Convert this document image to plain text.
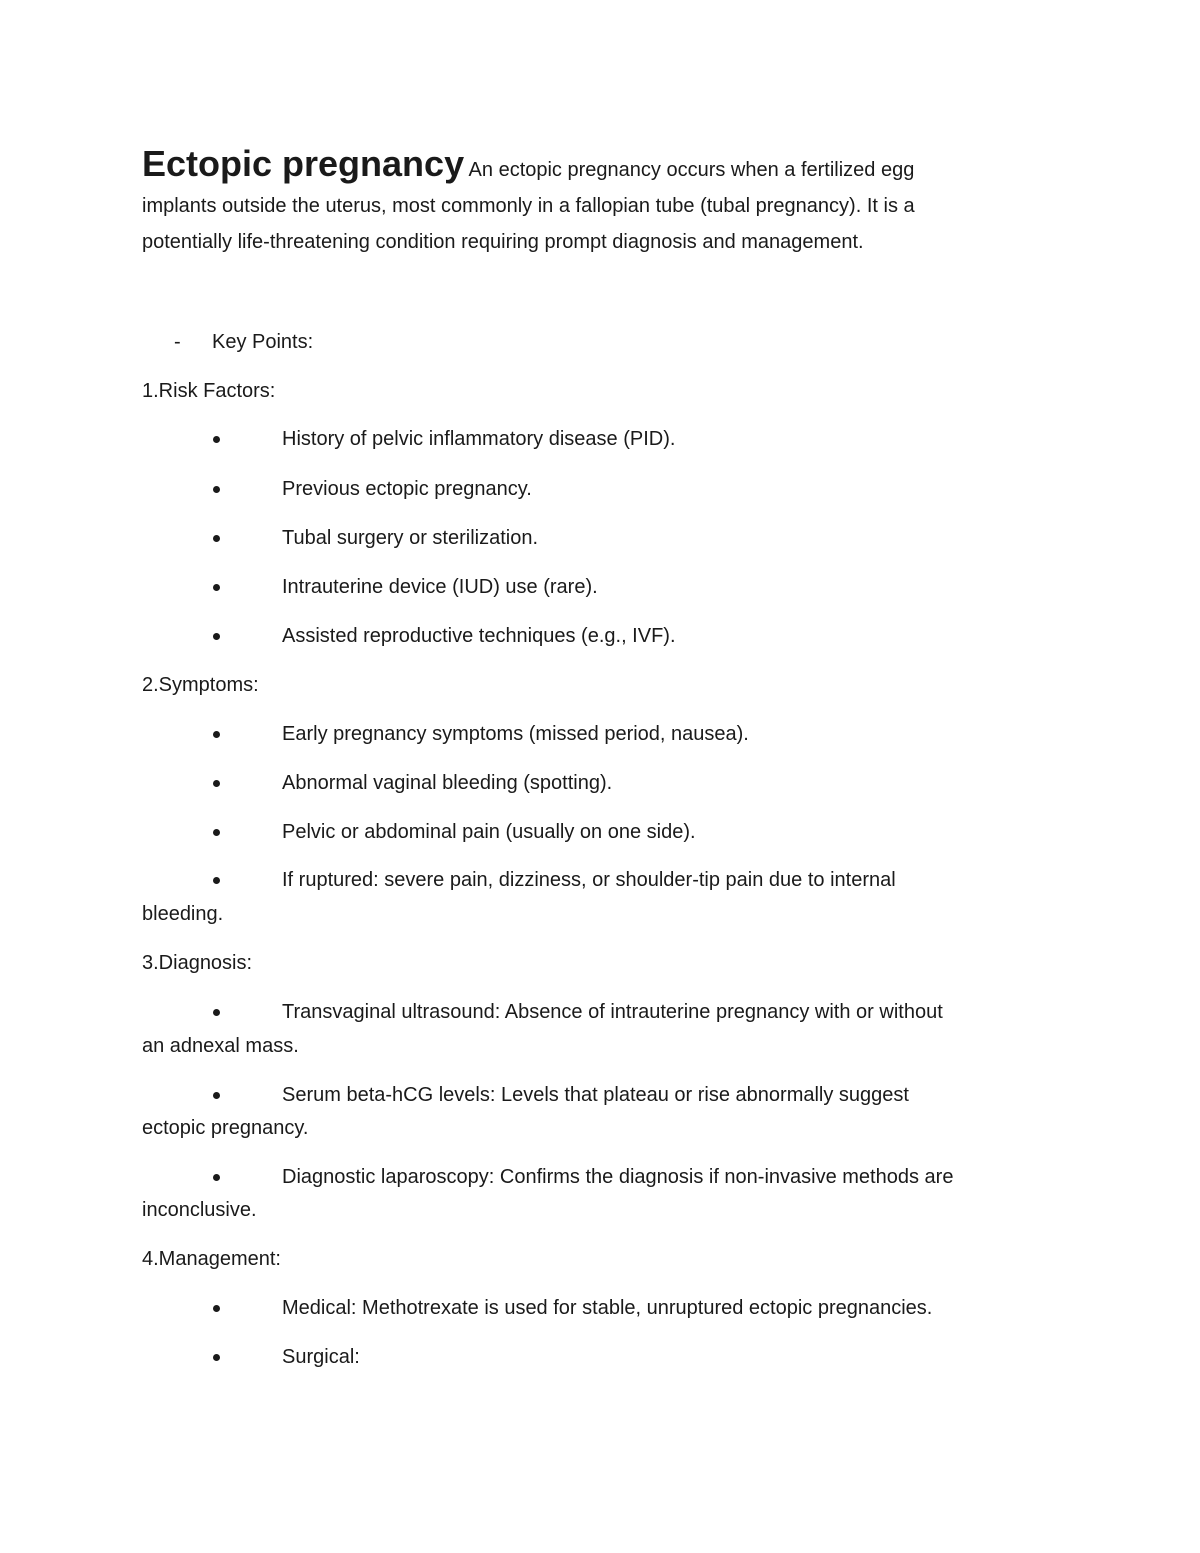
Ectopic pregnancy An ectopic pregnancy occurs when a fertilized egg
implants outside the uterus, most commonly in a fallopian tube (tubal pregnancy). It is a
potentially life-threatening condition requiring prompt diagnosis and management.

- Key Points:
1.Risk Factors:
History of pelvic inflammatory disease (PID).
Previous ectopic pregnancy.
Tubal surgery or sterilization.
Intrauterine device (IUD) use (rare).
Assisted reproductive techniques (e.g., IVF).
2.Symptoms:
Early pregnancy symptoms (missed period, nausea).
Abnormal vaginal bleeding (spotting).
Pelvic or abdominal pain (usually on one side).
If ruptured: severe pain, dizziness, or shoulder-tip pain due to internal
bleeding.
3.Diagnosis:
Transvaginal ultrasound: Absence of intrauterine pregnancy with or without
an adnexal mass.
Serum beta-hCG levels: Levels that plateau or rise abnormally suggest
ectopic pregnancy.
Diagnostic laparoscopy: Confirms the diagnosis if non-invasive methods are
inconclusive.
4.Management:
Medical: Methotrexate is used for stable, unruptured ectopic pregnancies.
Surgical:
